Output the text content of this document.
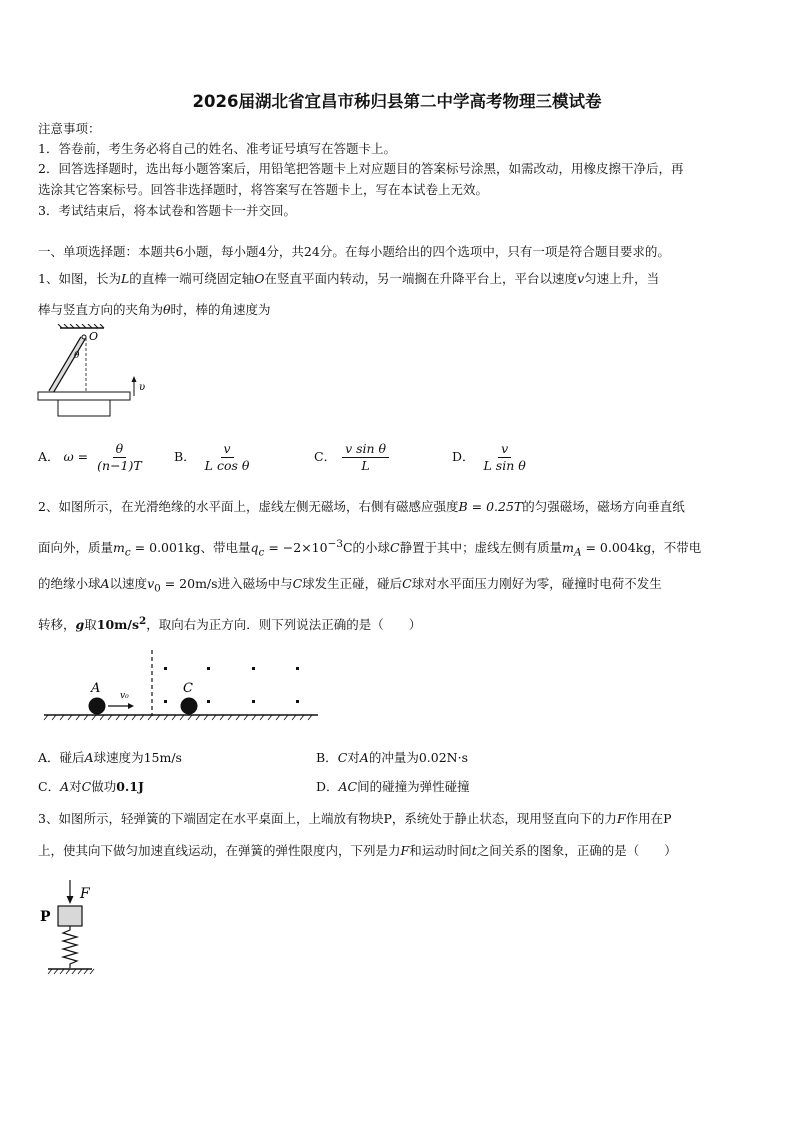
2026届湖北省宜昌市秭归县第二中学高考物理三模试卷
注意事项：
1．答卷前，考生务必将自己的姓名、准考证号填写在答题卡上。
2．回答选择题时，选出每小题答案后，用铅笔把答题卡上对应题目的答案标号涂黑，如需改动，用橡皮擦干净后，再
选涂其它答案标号。回答非选择题时，将答案写在答题卡上，写在本试卷上无效。
3．考试结束后，将本试卷和答题卡一并交回。
一、单项选择题：本题共6小题，每小题4分，共24分。在每小题给出的四个选项中，只有一项是符合题目要求的。
1、如图，长为L的直棒一端可绕固定轴O在竖直平面内转动，另一端搁在升降平台上，平台以速度v匀速上升，当
棒与竖直方向的夹角为θ时，棒的角速度为
O
θ
υ
A． $\omega = \frac{\theta}{(n-1)T}$ B． $\frac{v}{\text{L cos θ}}$	C． $\frac{\text{v sin θ}}{L}$	D． $\frac{v}{\text{L sin θ}}$
2、如图所示，在光滑绝缘的水平面上，虚线左侧无磁场，右侧有磁感应强度B = 0.25T的匀强磁场，磁场方向垂直纸
面向外，质量$m_c = 0.001kg$、带电量$q_c = -2\times 10^{-3}C$的小球C静置于其中；虚线左侧有质量$m_A = 0.004kg$，不带电
的绝缘小球A以速度$v_0 = 20m/s$进入磁场中与C球发生正碰，碰后C球对水平面压力刚好为零，碰撞时电荷不发生
转移，g取$10m/s^2$，取向右为正方向．则下列说法正确的是（　　）
A	C
v₀
A．碰后A球速度为15m/s	B．C对A的冲量为0.02N·s
C．A对C做功0.1J	D．AC间的碰撞为弹性碰撞
3、如图所示，轻弹簧的下端固定在水平桌面上，上端放有物块P，系统处于静止状态，现用竖直向下的力F作用在P
上，使其向下做匀加速直线运动，在弹簧的弹性限度内，下列是力F和运动时间t之间关系的图象，正确的是（　　）
F
P
